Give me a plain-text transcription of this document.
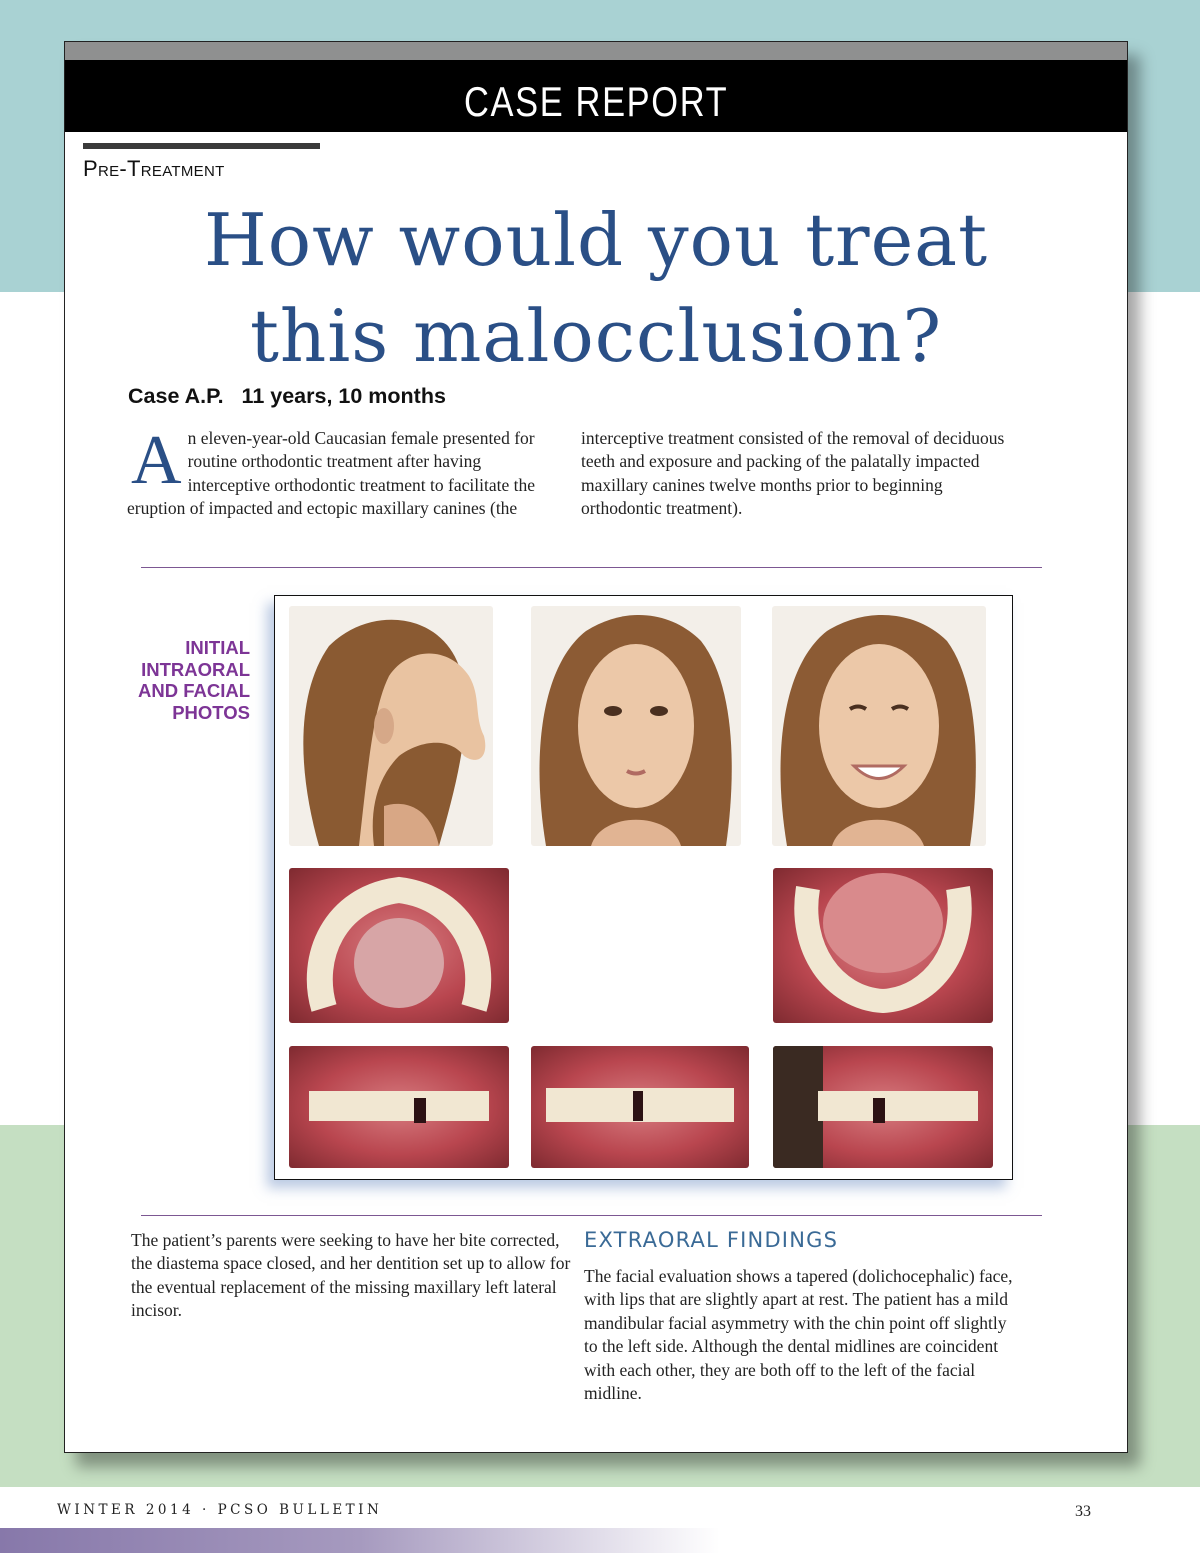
CASE REPORT
Pre-Treatment
How would you treat
this malocclusion?
Case A.P. 11 years, 10 months
An eleven-year-old Caucasian female presented for routine orthodontic treatment after having interceptive orthodontic treatment to facilitate the eruption of impacted and ectopic maxillary canines (the interceptive treatment consisted of the removal of deciduous teeth and exposure and packing of the palatally impacted maxillary canines twelve months prior to beginning orthodontic treatment).
INITIAL
INTRAORAL
AND FACIAL
PHOTOS
The patient’s parents were seeking to have her bite corrected, the diastema space closed, and her dentition set up to allow for the eventual replacement of the missing maxillary left lateral incisor.
EXTRAORAL FINDINGS
The facial evaluation shows a tapered (dolichocephalic) face, with lips that are slightly apart at rest. The patient has a mild mandibular facial asymmetry with the chin point off slightly to the left side. Although the dental midlines are coincident with each other, they are both off to the left of the facial midline.
WINTER 2014 · PCSO BULLETIN	33
